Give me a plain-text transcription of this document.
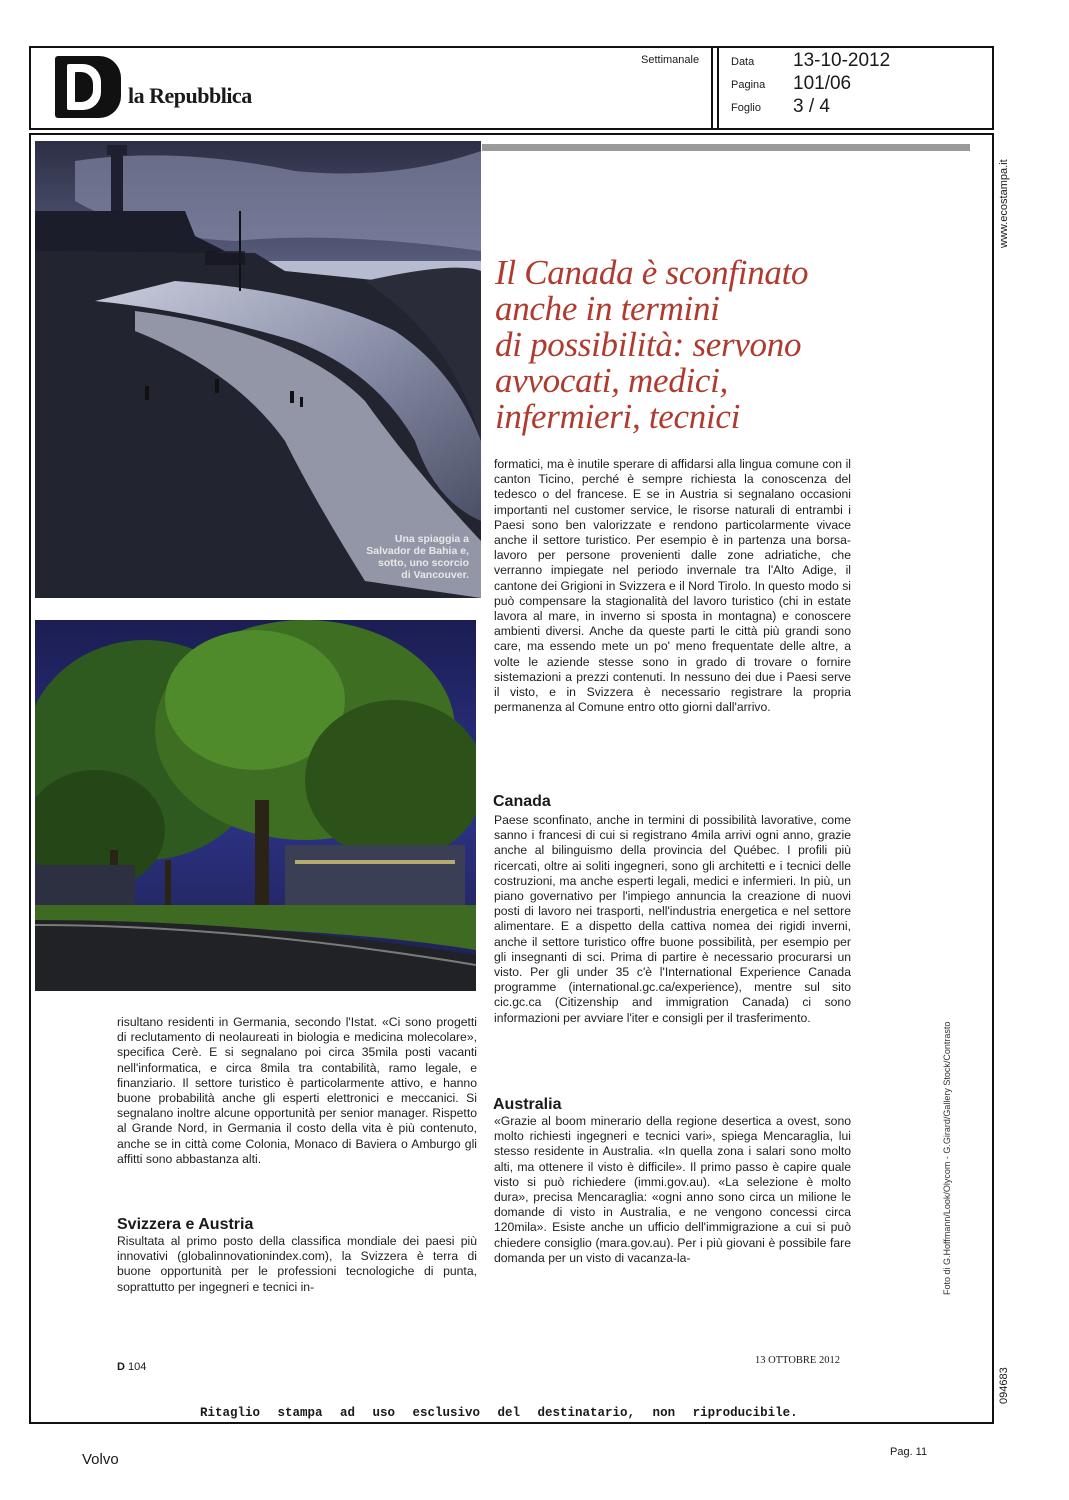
la Repubblica
Settimanale	Data 13-10-2012
Pagina 101/06
Foglio 3 / 4
www.ecostampa.it
094683
Foto di G.Hoffmann/Look/Olycom - G.Girard/Gallery Stock/Contrasto
Una spiaggia a
Salvador de Bahia e,
sotto, uno scorcio
di Vancouver.
Il Canada è sconfinato
anche in termini
di possibilità: servono
avvocati, medici,
infermieri, tecnici

formatici, ma è inutile sperare di affidarsi alla lingua comune con il canton Ticino, perché è sempre richiesta la conoscenza del tedesco o del francese. E se in Austria si segnalano occasioni importanti nel customer service, le risorse naturali di entrambi i Paesi sono ben valorizzate e rendono particolarmente vivace anche il settore turistico. Per esempio è in partenza una borsa-lavoro per persone provenienti dalle zone adriatiche, che verranno impiegate nel periodo invernale tra l'Alto Adige, il cantone dei Grigioni in Svizzera e il Nord Tirolo. In questo modo si può compensare la stagionalità del lavoro turistico (chi in estate lavora al mare, in inverno si sposta in montagna) e conoscere ambienti diversi. Anche da queste parti le città più grandi sono care, ma essendo mete un po' meno frequentate delle altre, a volte le aziende stesse sono in grado di trovare o fornire sistemazioni a prezzi contenuti. In nessuno dei due i Paesi serve il visto, e in Svizzera è necessario registrare la propria permanenza al Comune entro otto giorni dall'arrivo.

Canada

Paese sconfinato, anche in termini di possibilità lavorative, come sanno i francesi di cui si registrano 4mila arrivi ogni anno, grazie anche al bilinguismo della provincia del Québec. I profili più ricercati, oltre ai soliti ingegneri, sono gli architetti e i tecnici delle costruzioni, ma anche esperti legali, medici e infermieri. In più, un piano governativo per l'impiego annuncia la creazione di nuovi posti di lavoro nei trasporti, nell'industria energetica e nel settore alimentare. E a dispetto della cattiva nomea dei rigidi inverni, anche il settore turistico offre buone possibilità, per esempio per gli insegnanti di sci. Prima di partire è necessario procurarsi un visto. Per gli under 35 c'è l'International Experience Canada programme (international.gc.ca/experience), mentre sul sito cic.gc.ca (Citizenship and immigration Canada) ci sono informazioni per avviare l'iter e consigli per il trasferimento.

Australia

«Grazie al boom minerario della regione desertica a ovest, sono molto richiesti ingegneri e tecnici vari», spiega Mencaraglia, lui stesso residente in Australia. «In quella zona i salari sono molto alti, ma ottenere il visto è difficile». Il primo passo è capire quale visto si può richiedere (immi.gov.au). «La selezione è molto dura», precisa Mencaraglia: «ogni anno sono circa un milione le domande di visto in Australia, e ne vengono concessi circa 120mila». Esiste anche un ufficio dell'immigrazione a cui si può chiedere consiglio (mara.gov.au). Per i più giovani è possibile fare domanda per un visto di vacanza-la-

risultano residenti in Germania, secondo l'Istat. «Ci sono progetti di reclutamento di neolaureati in biologia e medicina molecolare», specifica Cerè. E si segnalano poi circa 35mila posti vacanti nell'informatica, e circa 8mila tra contabilità, ramo legale, e finanziario. Il settore turistico è particolarmente attivo, e hanno buone probabilità anche gli esperti elettronici e meccanici. Si segnalano inoltre alcune opportunità per senior manager. Rispetto al Grande Nord, in Germania il costo della vita è più contenuto, anche se in città come Colonia, Monaco di Baviera o Amburgo gli affitti sono abbastanza alti.

Svizzera e Austria

Risultata al primo posto della classifica mondiale dei paesi più innovativi (globalinnovationindex.com), la Svizzera è terra di buone opportunità per le professioni tecnologiche di punta, soprattutto per ingegneri e tecnici in-

D 104
13 OTTOBRE 2012
Ritaglio stampa ad uso esclusivo del destinatario, non riproducibile.
Volvo	Pag. 11
